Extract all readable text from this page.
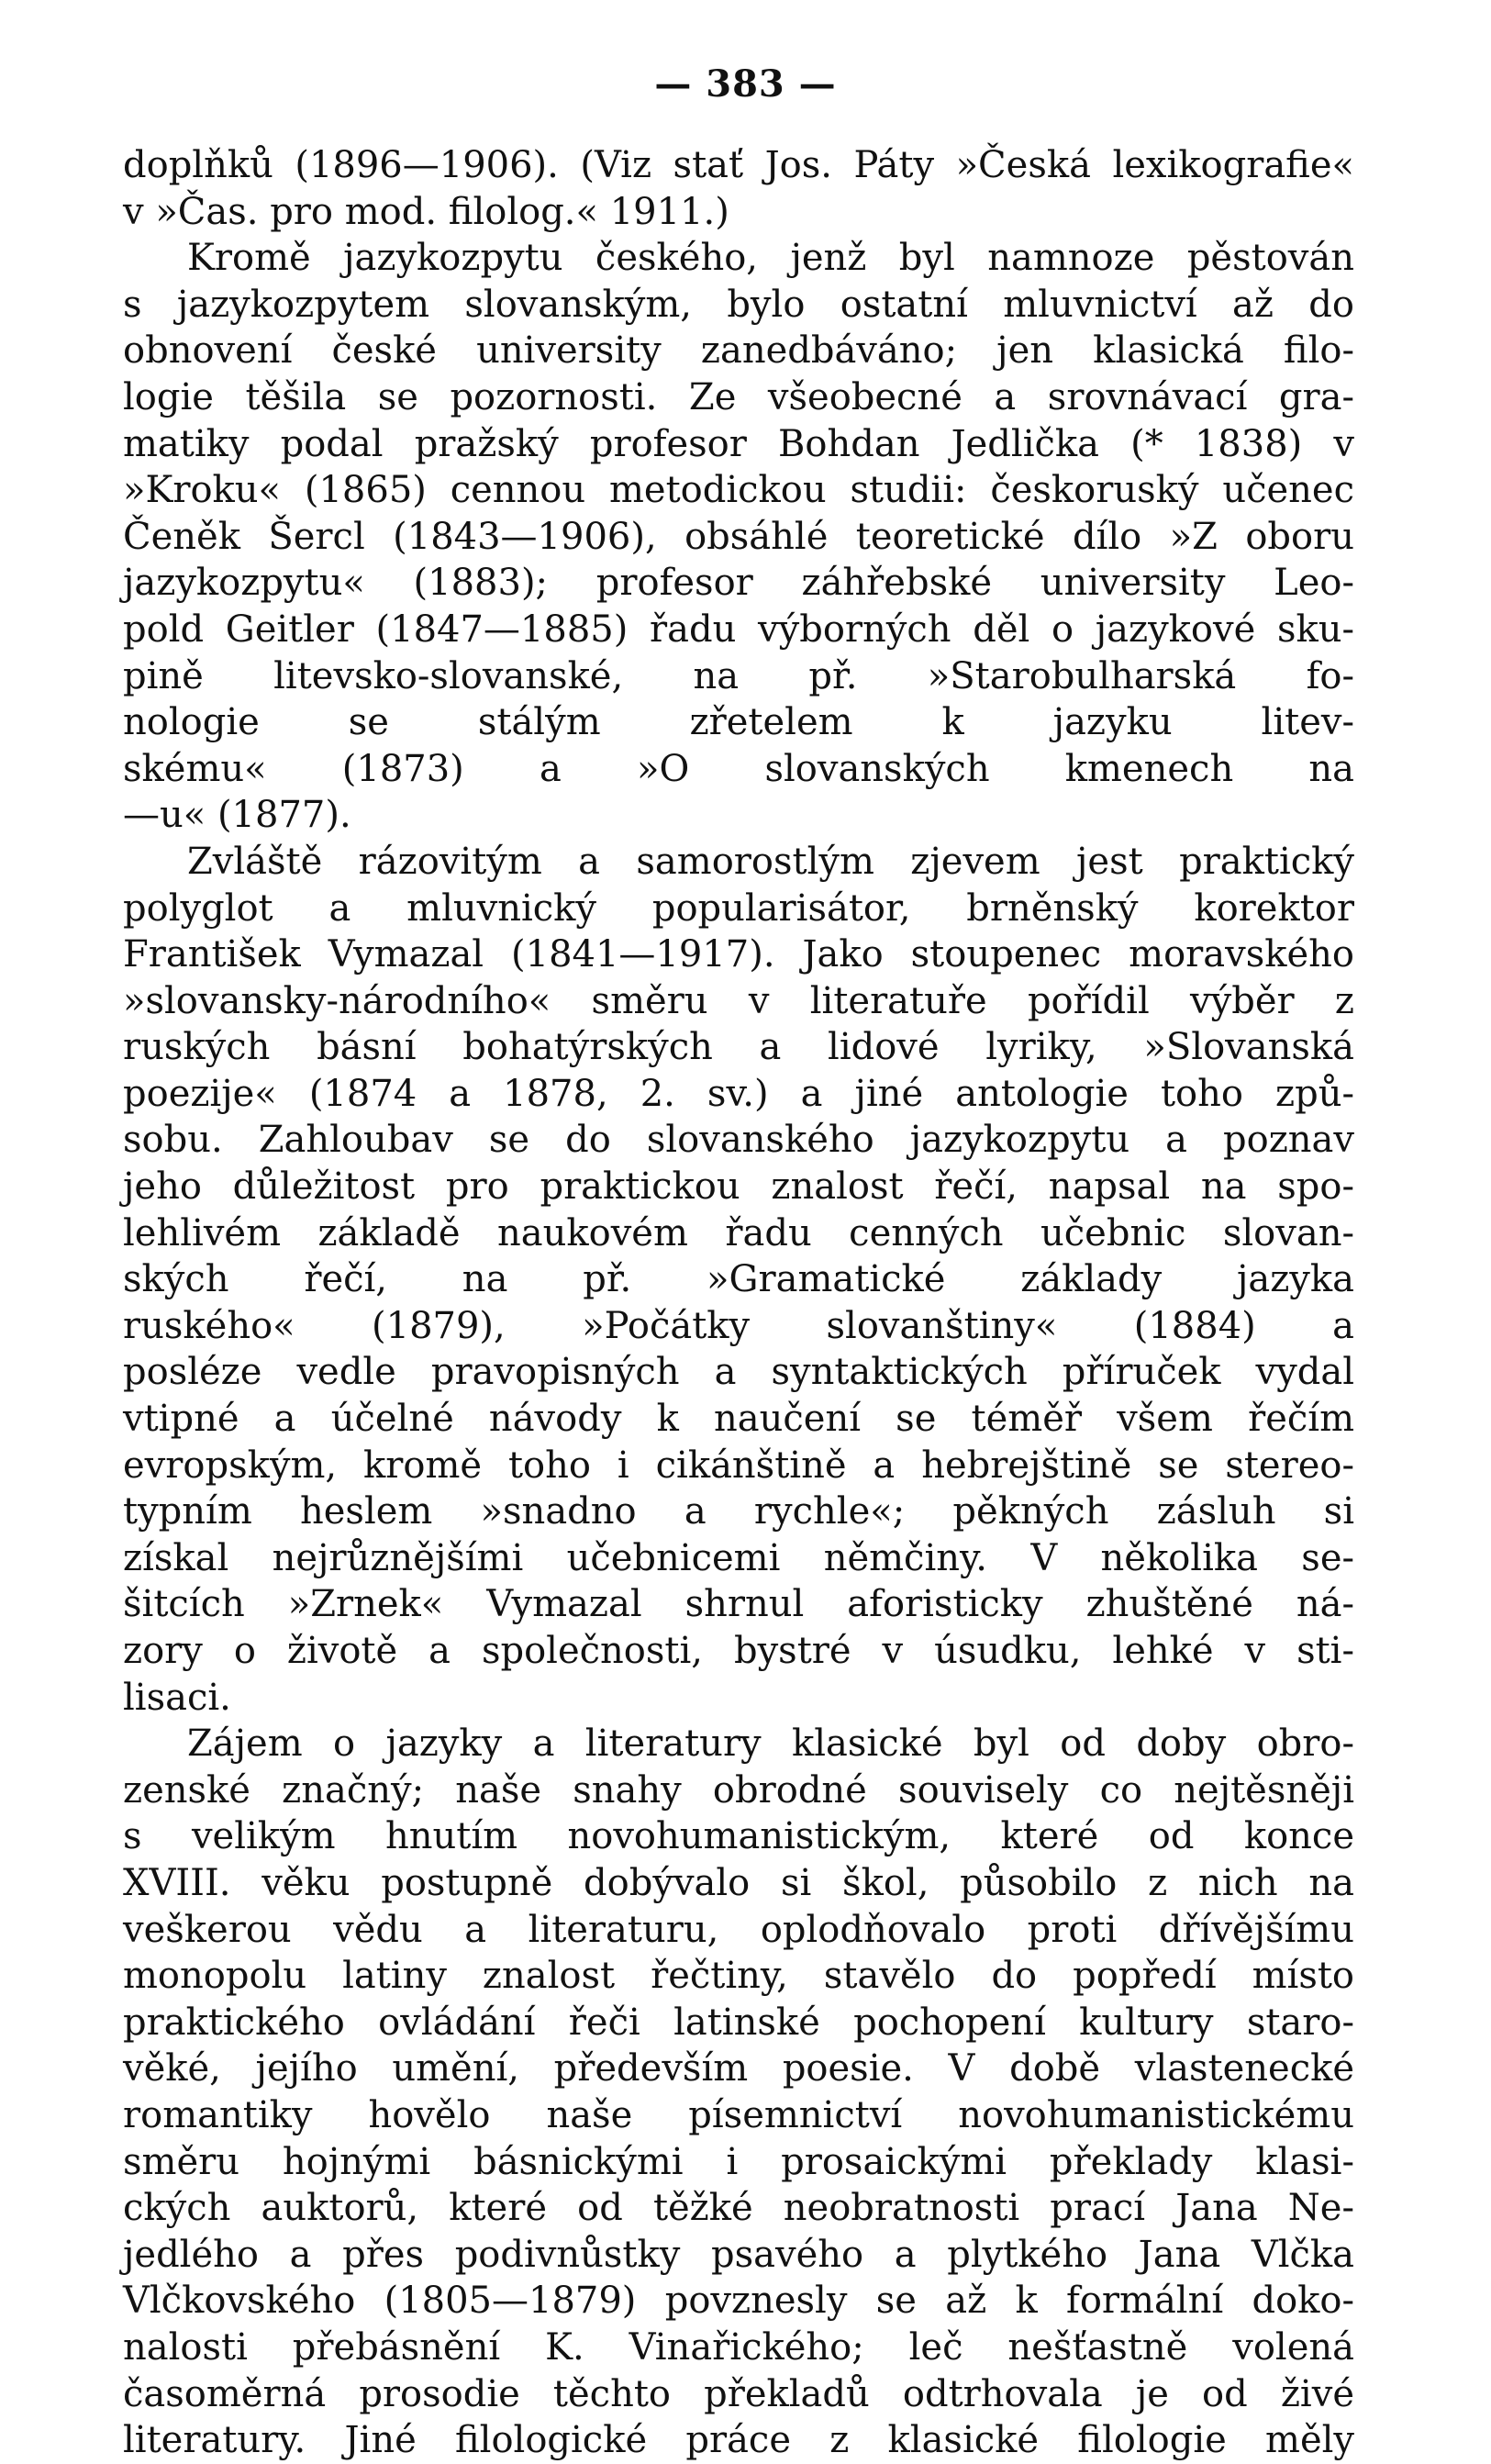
— 383 —
doplňků (1896—1906). (Viz stať Jos. Páty »Česká lexikografie«
v »Čas. pro mod. filolog.« 1911.)
Kromě jazykozpytu českého, jenž byl namnoze pěstován
s jazykozpytem slovanským, bylo ostatní mluvnictví až do
obnovení české university zanedbáváno; jen klasická filo-
logie těšila se pozornosti. Ze všeobecné a srovnávací gra-
matiky podal pražský profesor Bohdan Jedlička (* 1838) v
»Kroku« (1865) cennou metodickou studii: českoruský učenec
Čeněk Šercl (1843—1906), obsáhlé teoretické dílo »Z oboru
jazykozpytu« (1883); profesor záhřebské university Leo-
pold Geitler (1847—1885) řadu výborných děl o jazykové sku-
pině litevsko-slovanské, na př. »Starobulharská fo-
nologie se stálým zřetelem k jazyku litev-
skému« (1873) a »O slovanských kmenech na
—u« (1877).
Zvláště rázovitým a samorostlým zjevem jest praktický
polyglot a mluvnický popularisátor, brněnský korektor
František Vymazal (1841—1917). Jako stoupenec moravského
»slovansky-národního« směru v literatuře pořídil výběr z
ruských básní bohatýrských a lidové lyriky, »Slovanská
poezije« (1874 a 1878, 2. sv.) a jiné antologie toho způ-
sobu. Zahloubav se do slovanského jazykozpytu a poznav
jeho důležitost pro praktickou znalost řečí, napsal na spo-
lehlivém základě naukovém řadu cenných učebnic slovan-
ských řečí, na př. »Gramatické základy jazyka
ruského« (1879), »Počátky slovanštiny« (1884) a
posléze vedle pravopisných a syntaktických příruček vydal
vtipné a účelné návody k naučení se téměř všem řečím
evropským, kromě toho i cikánštině a hebrejštině se stereo-
typním heslem »snadno a rychle«; pěkných zásluh si
získal nejrůznějšími učebnicemi němčiny. V několika se-
šitcích »Zrnek« Vymazal shrnul aforisticky zhuštěné ná-
zory o životě a společnosti, bystré v úsudku, lehké v sti-
lisaci.
Zájem o jazyky a literatury klasické byl od doby obro-
zenské značný; naše snahy obrodné souvisely co nejtěsněji
s velikým hnutím novohumanistickým, které od konce
XVIII. věku postupně dobývalo si škol, působilo z nich na
veškerou vědu a literaturu, oplodňovalo proti dřívějšímu
monopolu latiny znalost řečtiny, stavělo do popředí místo
praktického ovládání řeči latinské pochopení kultury staro-
věké, jejího umění, především poesie. V době vlastenecké
romantiky hovělo naše písemnictví novohumanistickému
směru hojnými básnickými i prosaickými překlady klasi-
ckých auktorů, které od těžké neobratnosti prací Jana Ne-
jedlého a přes podivnůstky psavého a plytkého Jana Vlčka
Vlčkovského (1805—1879) povznesly se až k formální doko-
nalosti přebásnění K. Vinařického; leč nešťastně volená
časoměrná prosodie těchto překladů odtrhovala je od živé
literatury. Jiné filologické práce z klasické filologie měly
